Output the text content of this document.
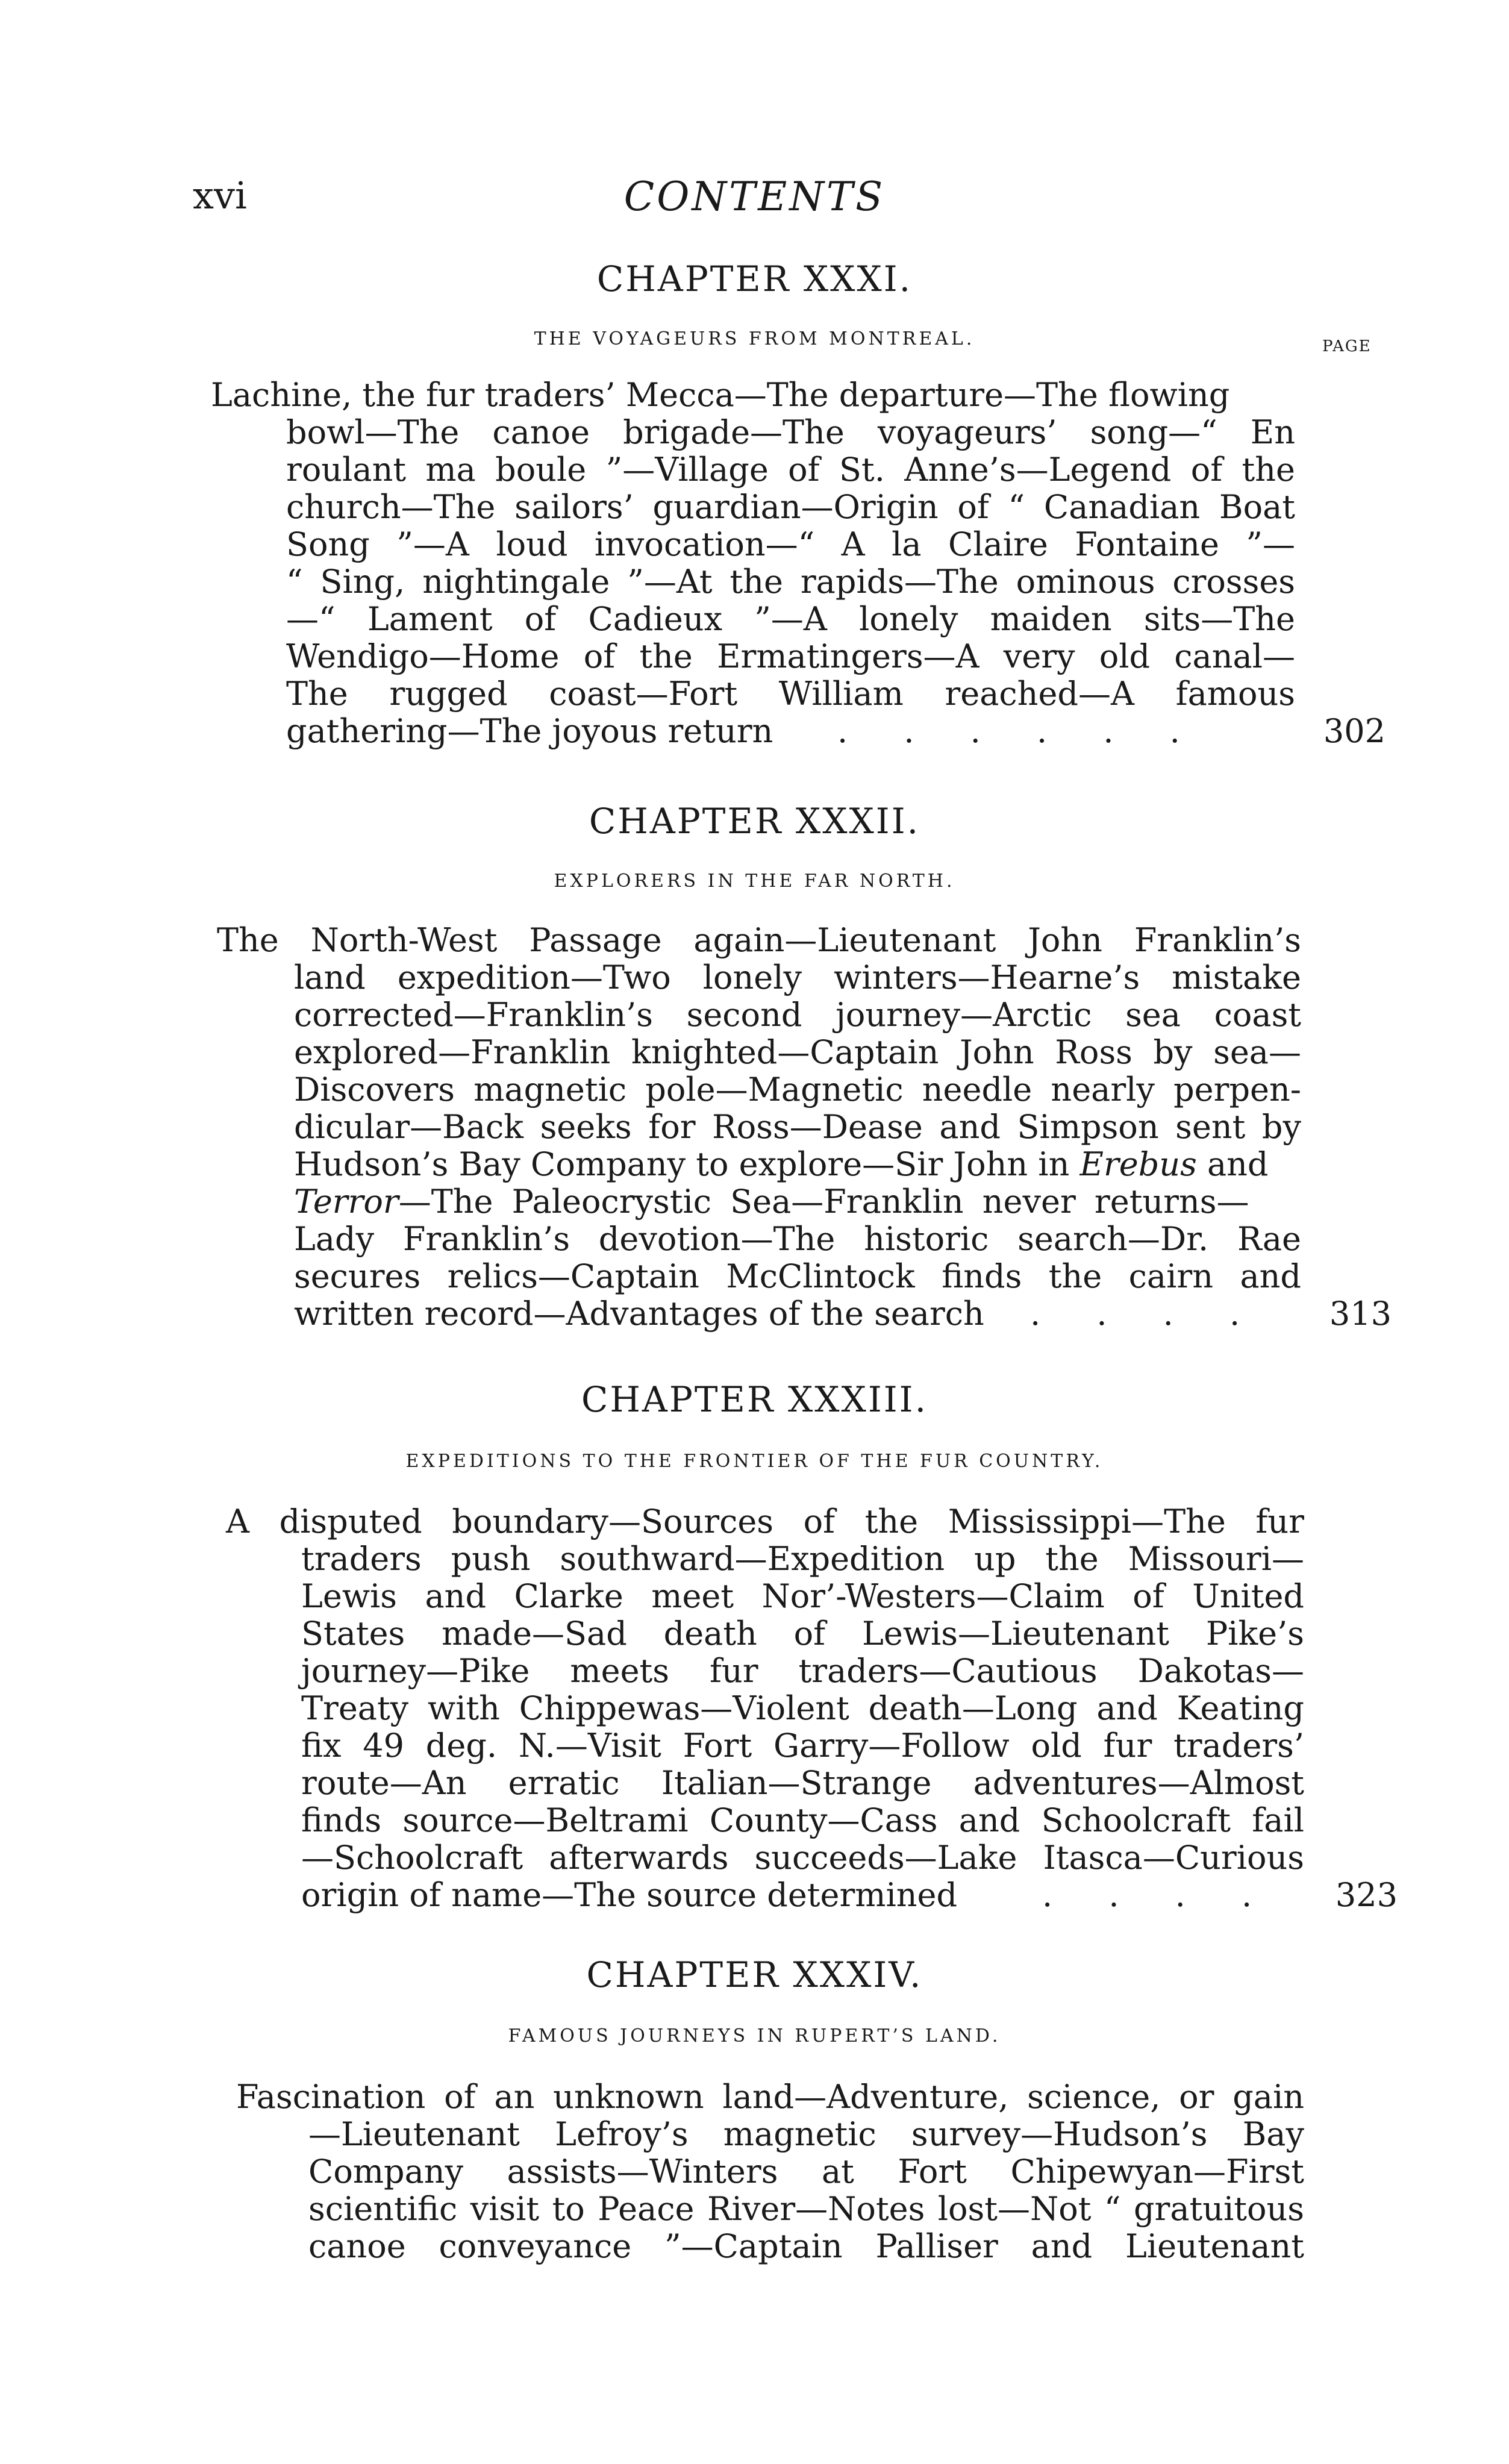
xvi	CONTENTS
CHAPTER XXXI.
THE VOYAGEURS FROM MONTREAL.	PAGE
Lachine, the fur traders’ Mecca—The departure—The flowing
bowl—The canoe brigade—The voyageurs’ song—“ En
roulant ma boule ”—Village of St. Anne’s—Legend of the
church—The sailors’ guardian—Origin of “ Canadian Boat
Song ”—A loud invocation—“ A la Claire Fontaine ”—
“ Sing, nightingale ”—At the rapids—The ominous crosses
—“ Lament of Cadieux ”—A lonely maiden sits—The
Wendigo—Home of the Ermatingers—A very old canal—
The rugged coast—Fort William reached—A famous
gathering—The joyous return . . . . . .	302
CHAPTER XXXII.
EXPLORERS IN THE FAR NORTH.
The North-West Passage again—Lieutenant John Franklin’s
land expedition—Two lonely winters—Hearne’s mistake
corrected—Franklin’s second journey—Arctic sea coast
explored—Franklin knighted—Captain John Ross by sea—
Discovers magnetic pole—Magnetic needle nearly perpen-
dicular—Back seeks for Ross—Dease and Simpson sent by
Hudson’s Bay Company to explore—Sir John in Erebus and
Terror—The Paleocrystic Sea—Franklin never returns—
Lady Franklin’s devotion—The historic search—Dr. Rae
secures relics—Captain McClintock finds the cairn and
written record—Advantages of the search . . . .	313
CHAPTER XXXIII.
EXPEDITIONS TO THE FRONTIER OF THE FUR COUNTRY.
A disputed boundary—Sources of the Mississippi—The fur
traders push southward—Expedition up the Missouri—
Lewis and Clarke meet Nor’-Westers—Claim of United
States made—Sad death of Lewis—Lieutenant Pike’s
journey—Pike meets fur traders—Cautious Dakotas—
Treaty with Chippewas—Violent death—Long and Keating
fix 49 deg. N.—Visit Fort Garry—Follow old fur traders’
route—An erratic Italian—Strange adventures—Almost
finds source—Beltrami County—Cass and Schoolcraft fail
—Schoolcraft afterwards succeeds—Lake Itasca—Curious
origin of name—The source determined	. . . .	323
CHAPTER XXXIV.
FAMOUS JOURNEYS IN RUPERT’S LAND.
Fascination of an unknown land—Adventure, science, or gain
—Lieutenant Lefroy’s magnetic survey—Hudson’s Bay
Company assists—Winters at Fort Chipewyan—First
scientific visit to Peace River—Notes lost—Not “ gratuitous
canoe conveyance ”—Captain Palliser and Lieutenant
